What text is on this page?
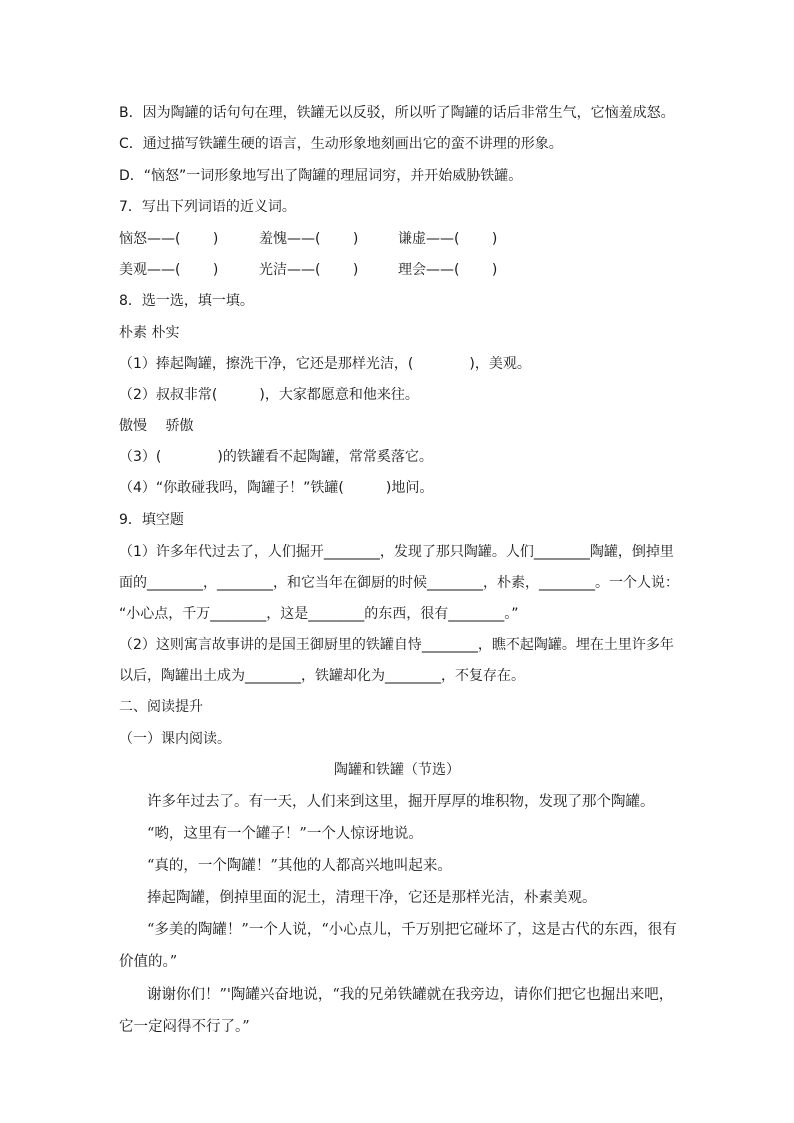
B．因为陶罐的话句句在理，铁罐无以反驳，所以听了陶罐的话后非常生气，它恼羞成怒。
C．通过描写铁罐生硬的语言，生动形象地刻画出它的蛮不讲理的形象。
D．“恼怒”一词形象地写出了陶罐的理屈词穷，并开始威胁铁罐。
7．写出下列词语的近义词。
恼怒——(　　 )	羞愧——(　　 )	谦虚——(　　 )
美观——(　　 )	光洁——(　　 )	理会——(　　 )
8．选一选，填一填。
朴素 朴实
（1）捧起陶罐，擦洗干净，它还是那样光洁，(　　　　)，美观。
（2）叔叔非常(　　　)，大家都愿意和他来往。
傲慢　 骄傲
（3）(　　　　)的铁罐看不起陶罐，常常奚落它。
（4）“你敢碰我吗，陶罐子！”铁罐(　　　)地问。
9．填空题
（1）许多年代过去了，人们掘开________，发现了那只陶罐。人们________陶罐，倒掉里
面的________，________，和它当年在御厨的时候________，朴素，________。一个人说：
“小心点，千万________，这是________的东西，很有________。”
（2）这则寓言故事讲的是国王御厨里的铁罐自恃________，瞧不起陶罐。埋在土里许多年
以后，陶罐出土成为________，铁罐却化为________，不复存在。
二、阅读提升
（一）课内阅读。
陶罐和铁罐（节选）
许多年过去了。有一天，人们来到这里，掘开厚厚的堆积物，发现了那个陶罐。
“哟，这里有一个罐子！”一个人惊讶地说。
“真的，一个陶罐！”其他的人都高兴地叫起来。
捧起陶罐，倒掉里面的泥土，清理干净，它还是那样光洁，朴素美观。
“多美的陶罐！”一个人说，“小心点儿，千万别把它碰坏了，这是古代的东西，很有
价值的。”
谢谢你们！”'陶罐兴奋地说，“我的兄弟铁罐就在我旁边，请你们把它也掘出来吧，
它一定闷得不行了。”
